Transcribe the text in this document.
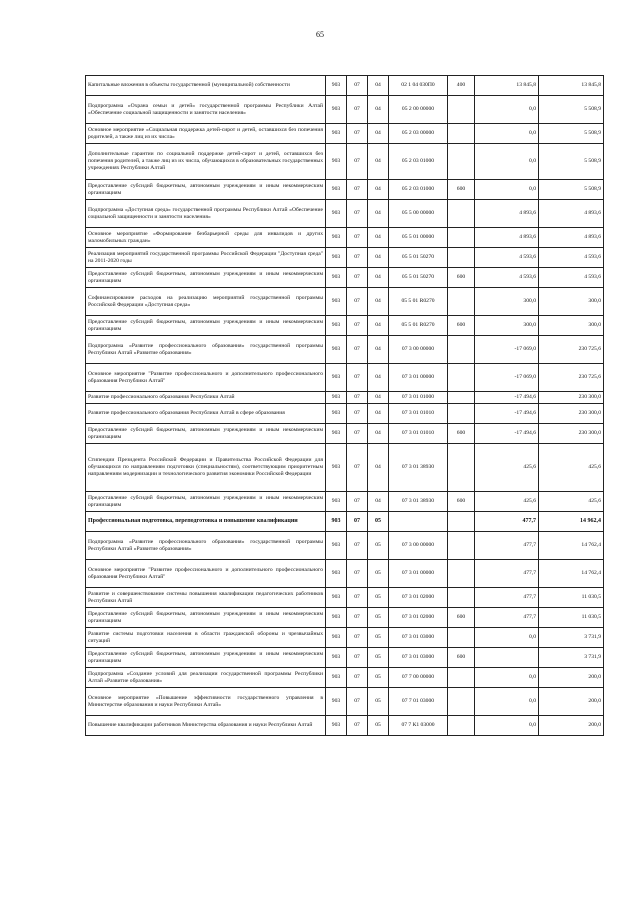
65
Капитальные вложения в объекты государственной (муниципальной) собственности	903	07	04	02 1 04 030П0	400	13 845,8	13 845,8
Подпрограмма «Охрана семьи и детей» государственной программы Республики Алтай «Обеспечение социальной защищенности и занятости населения»	903	07	04	05 2 00 00000		0,0	5 508,9
Основное мероприятие «Социальная поддержка детей-сирот и детей, оставшихся без попечения родителей, а также лиц из их числа»	903	07	04	05 2 03 00000		0,0	5 508,9
Дополнительные гарантии по социальной поддержке детей-сирот и детей, оставшихся без попечения родителей, а также лиц из их числа, обучающихся в образовательных государственных учреждениях Республики Алтай	903	07	04	05 2 03 01000		0,0	5 508,9
Предоставление субсидий бюджетным, автономным учреждениям и иным некоммерческим организациям	903	07	04	05 2 03 01000	600	0,0	5 508,9
Подпрограмма «Доступная среда» государственной программы Республики Алтай «Обеспечение социальной защищенности и занятости населения»	903	07	04	05 5 00 00000		4 893,6	4 893,6
Основное мероприятие «Формирование безбарьерной среды для инвалидов и других маломобильных граждан»	903	07	04	05 5 01 00000		4 893,6	4 893,6
Реализация мероприятий государственной программы Российской Федерации "Доступная среда" на 2011-2020 годы	903	07	04	05 5 01 50270		4 593,6	4 593,6
Предоставление субсидий бюджетным, автономным учреждениям и иным некоммерческим организациям	903	07	04	05 5 01 50270	600	4 593,6	4 593,6
Софинансирование расходов на реализацию мероприятий государственной программы Российской Федерации «Доступная среда»	903	07	04	05 5 01 R0270		300,0	300,0
Предоставление субсидий бюджетным, автономным учреждениям и иным некоммерческим организациям	903	07	04	05 5 01 R0270	600	300,0	300,0
Подпрограмма «Развитие профессионального образования» государственной программы Республики Алтай «Развитие образования»	903	07	04	07 3 00 00000		-17 069,0	230 725,6
Основное мероприятие "Развитие профессионального и дополнительного профессионального образования Республики Алтай"	903	07	04	07 3 01 00000		-17 069,0	230 725,6
Развитие профессионального образования Республики Алтай	903	07	04	07 3 01 01000		-17 494,6	230 300,0
Развитие профессионального образования Республики Алтай в сфере образования	903	07	04	07 3 01 01010		-17 494,6	230 300,0
Предоставление субсидий бюджетным, автономным учреждениям и иным некоммерческим организациям	903	07	04	07 3 01 01010	600	-17 494,6	230 300,0
Стипендии Президента Российской Федерации и Правительства Российской Федерации для обучающихся по направлениям подготовки (специальностям), соответствующим приоритетным направлениям модернизации и технологического развития экономики Российской Федерации	903	07	04	07 3 01 38930		425,6	425,6
Предоставление субсидий бюджетным, автономным учреждениям и иным некоммерческим организациям	903	07	04	07 3 01 38930	600	425,6	425,6
Профессиональная подготовка, переподготовка и повышение квалификации	903	07	05			477,7	14 962,4
Подпрограмма «Развитие профессионального образования» государственной программы Республики Алтай «Развитие образования»	903	07	05	07 3 00 00000		477,7	14 762,4
Основное мероприятие "Развитие профессионального и дополнительного профессионального образования Республики Алтай"	903	07	05	07 3 01 00000		477,7	14 762,4
Развитие и совершенствование системы повышения квалификации педагогических работников Республики Алтай	903	07	05	07 3 01 02000		477,7	11 030,5
Предоставление субсидий бюджетным, автономным учреждениям и иным некоммерческим организациям	903	07	05	07 3 01 02000	600	477,7	11 030,5
Развитие системы подготовки населения в области гражданской обороны и чрезвычайных ситуаций	903	07	05	07 3 01 03000		0,0	3 731,9
Предоставление субсидий бюджетным, автономным учреждениям и иным некоммерческим организациям	903	07	05	07 3 01 03000	600		3 731,9
Подпрограмма «Создание условий для реализации государственной программы Республики Алтай «Развитие образования»	903	07	05	07 7 00 00000		0,0	200,0
Основное мероприятие «Повышение эффективности государственного управления в Министерстве образования и науки Республики Алтай»	903	07	05	07 7 01 03000		0,0	200,0
Повышение квалификации работников Министерства образования и науки Республики Алтай	903	07	05	07 7 К1 03000		0,0	200,0
